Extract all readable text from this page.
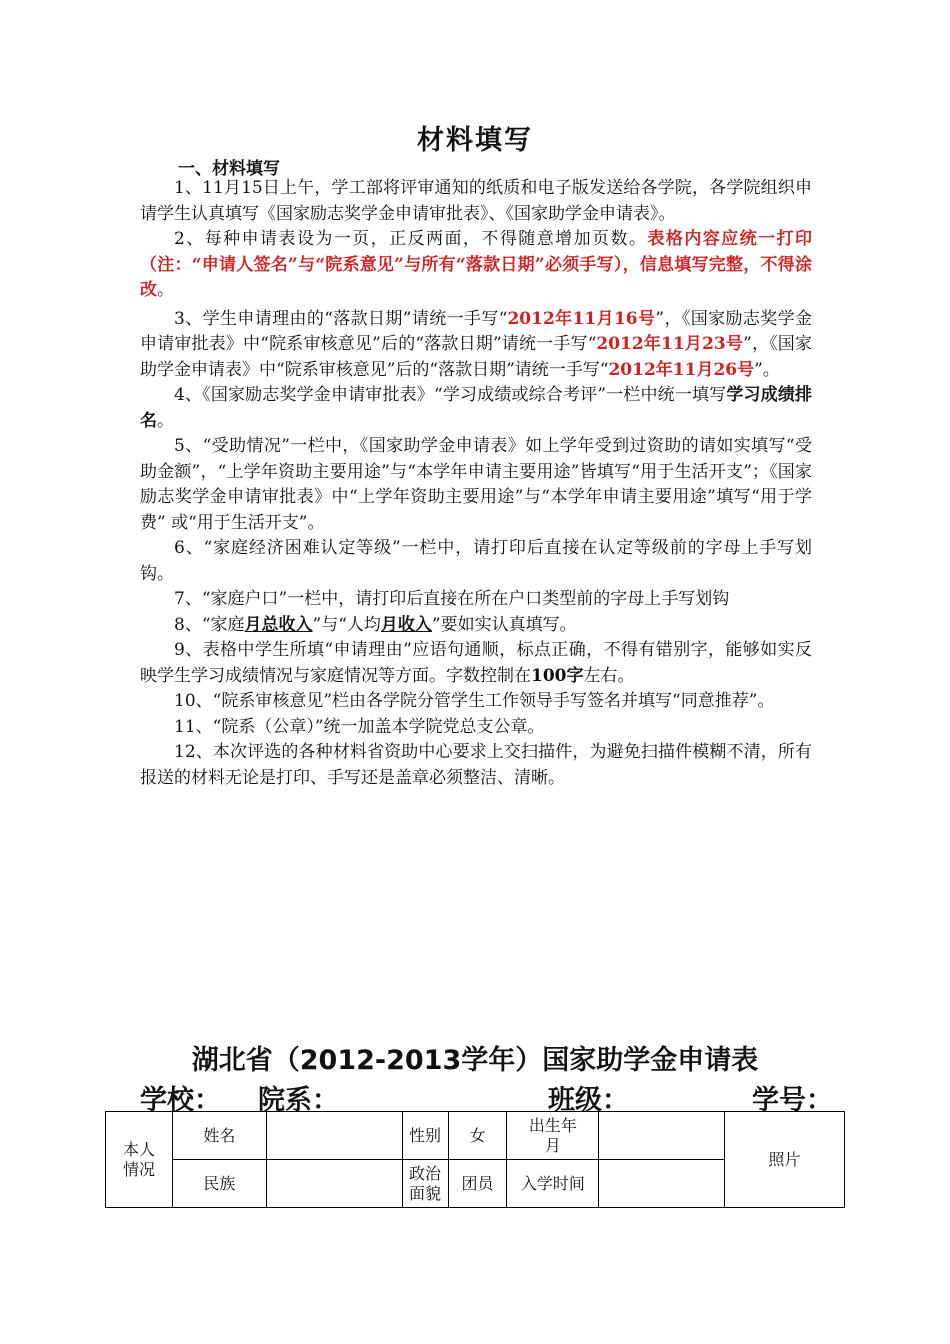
材料填写
一、材料填写

1、11月15日上午，学工部将评审通知的纸质和电子版发送给各学院，各学院组织申请学生认真填写《国家励志奖学金申请审批表》、《国家助学金申请表》。

2、每种申请表设为一页，正反两面，不得随意增加页数。表格内容应统一打印（注：“申请人签名”与“院系意见”与所有“落款日期”必须手写），信息填写完整，不得涂改。

3、学生申请理由的“落款日期”请统一手写“2012年11月16号”，《国家励志奖学金申请审批表》中“院系审核意见”后的“落款日期”请统一手写“2012年11月23号”，《国家助学金申请表》中“院系审核意见”后的“落款日期”请统一手写“2012年11月26号”。

4、《国家励志奖学金申请审批表》“学习成绩或综合考评”一栏中统一填写学习成绩排名。

5、“受助情况”一栏中，《国家助学金申请表》如上学年受到过资助的请如实填写“受助金额”，“上学年资助主要用途”与“本学年申请主要用途”皆填写“用于生活开支”；《国家励志奖学金申请审批表》中“上学年资助主要用途”与“本学年申请主要用途”填写“用于学费” 或“用于生活开支”。

6、“家庭经济困难认定等级”一栏中，请打印后直接在认定等级前的字母上手写划钩。

7、“家庭户口”一栏中，请打印后直接在所在户口类型前的字母上手写划钩

8、“家庭月总收入”与“人均月收入”要如实认真填写。

9、表格中学生所填“申请理由”应语句通顺，标点正确，不得有错别字，能够如实反映学生学习成绩情况与家庭情况等方面。字数控制在100字左右。

10、“院系审核意见”栏由各学院分管学生工作领导手写签名并填写“同意推荐”。

11、“院系（公章）”统一加盖本学院党总支公章。

12、本次评选的各种材料省资助中心要求上交扫描件，为避免扫描件模糊不清，所有报送的材料无论是打印、手写还是盖章必须整洁、清晰。

湖北省（2012-2013学年）国家助学金申请表
学校： 院系：	班级：	学号：
本人情况	姓名		性别	女	出生年月		照片
	民族		政治面貌	团员	入学时间		
